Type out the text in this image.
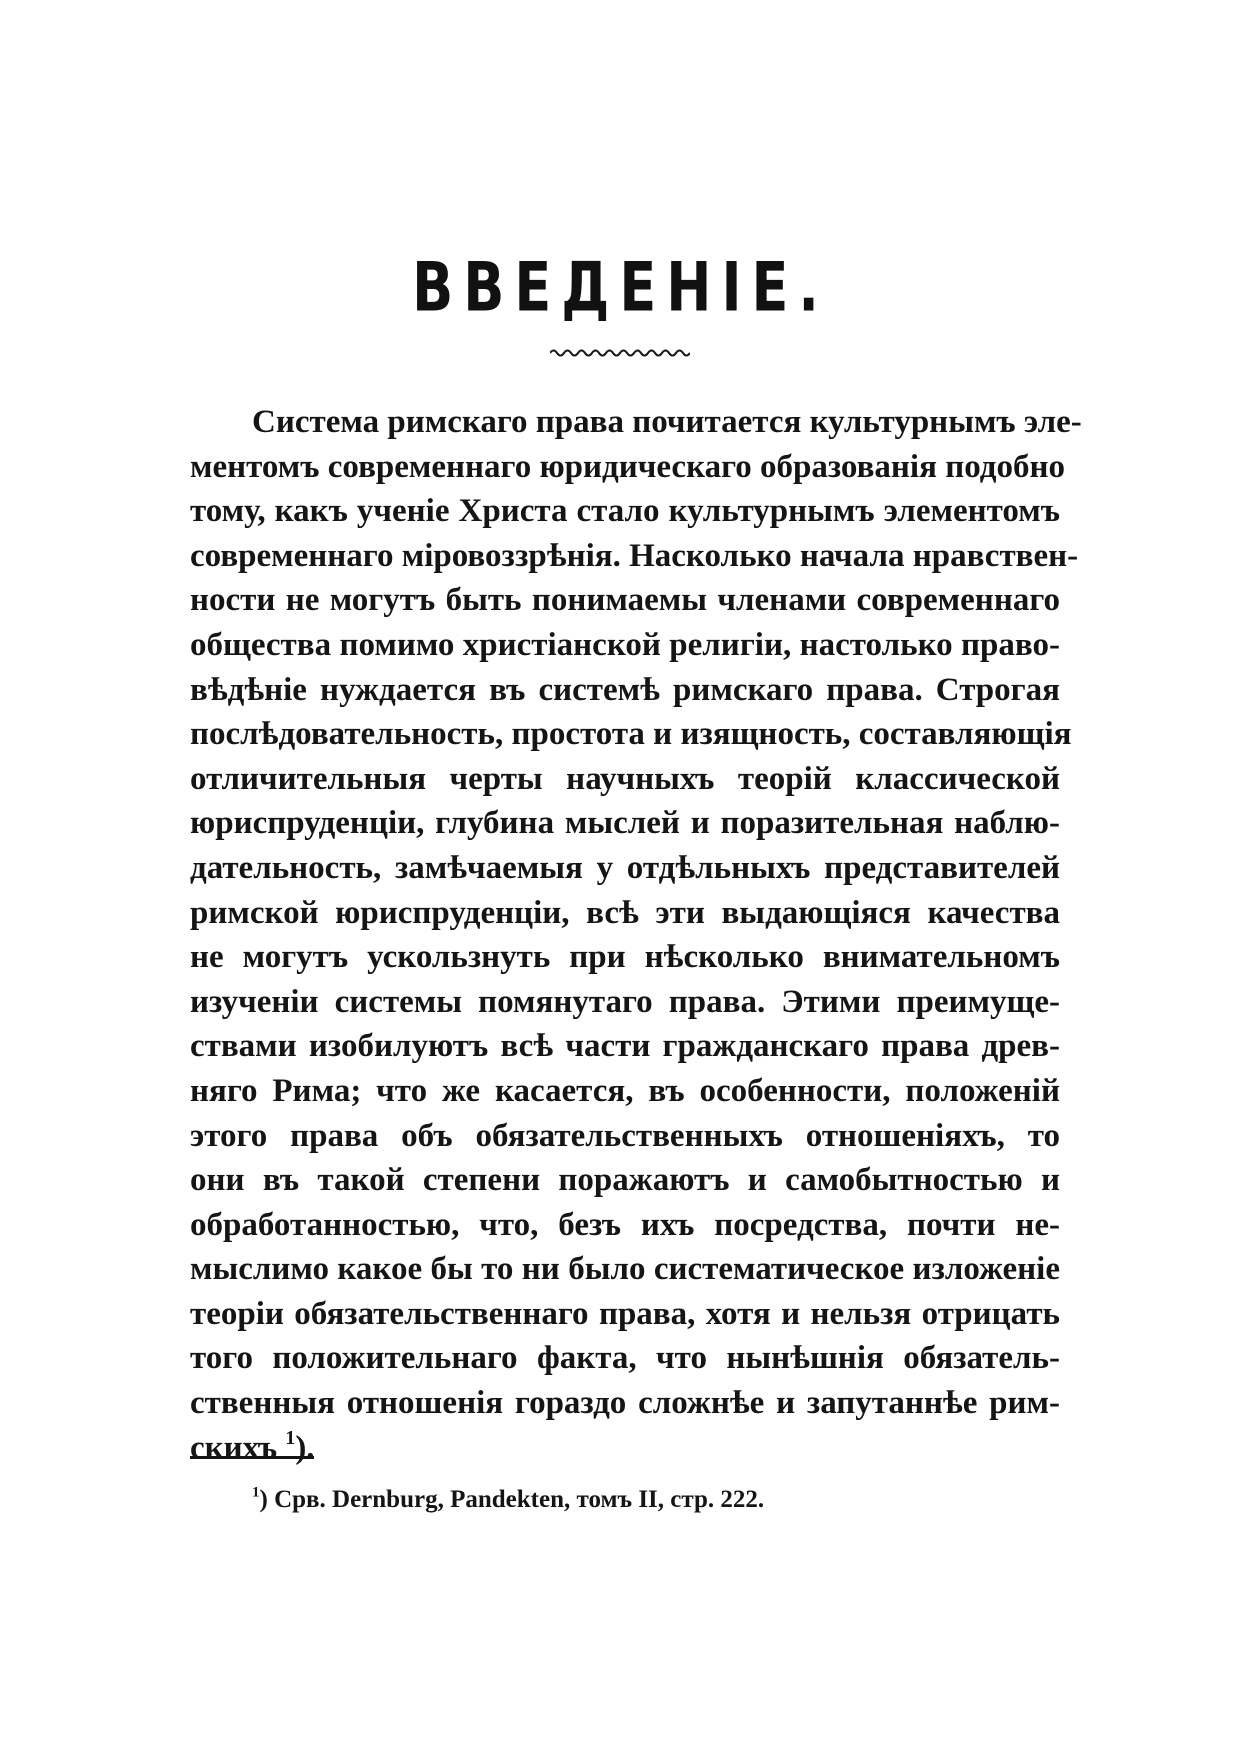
ВВЕДЕНІЕ.
Система римскаго права почитается культурнымъ эле-
ментомъ современнаго юридическаго образованія подобно
тому, какъ ученіе Христа стало культурнымъ элементомъ
современнаго міровоззрѣнія. Насколько начала нравствен-
ности не могутъ быть понимаемы членами современнаго
общества помимо христіанской религіи, настолько право-
вѣдѣніе нуждается въ системѣ римскаго права. Строгая
послѣдовательность, простота и изящность, составляющія
отличительныя черты научныхъ теорій классической
юриспруденціи, глубина мыслей и поразительная наблю-
дательность, замѣчаемыя у отдѣльныхъ представителей
римской юриспруденціи, всѣ эти выдающіяся качества
не могутъ ускользнуть при нѣсколько внимательномъ
изученіи системы помянутаго права. Этими преимуще-
ствами изобилуютъ всѣ части гражданскаго права древ-
няго Рима; что же касается, въ особенности, положеній
этого права объ обязательственныхъ отношеніяхъ, то
они въ такой степени поражаютъ и самобытностью и
обработанностью, что, безъ ихъ посредства, почти не-
мыслимо какое бы то ни было систематическое изложеніе
теоріи обязательственнаго права, хотя и нельзя отрицать
того положительнаго факта, что нынѣшнія обязатель-
ственныя отношенія гораздо сложнѣе и запутаннѣе рим-
скихъ $^1$).
$^1$) Срв. Dernburg, Pandekten, томъ II, стр. 222.
